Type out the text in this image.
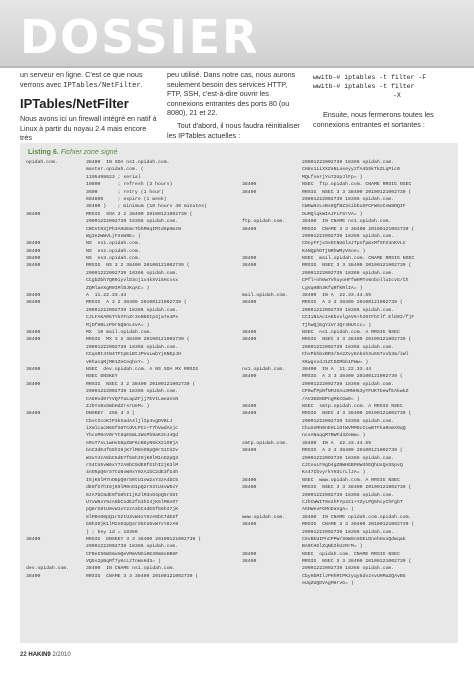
DOSSIER
un serveur en ligne. C'est ce que nous verrons avec IPTables/NetFilter.
IPTables/NetFilter
Nous avons ici un firewall intégré en natif à Linux à partir du noyau 2.4 mais encore très
peu utilisé. Dans notre cas, nous aurons seulement besoin des services HTTP, FTP, SSH, c'est-à-dire ouvrir les connexions entrantes des ports 80 (ou 8080), 21 et 22.
Tout d'abord, il nous faudra réinitialiser les IPTables actuelles :
wwitb-# iptables -t filter -F
wwitb-# iptables -t filter
-X
Ensuite, nous fermerons toutes les connexions entrantes et sortantes :
Listing 6. Fichier zone signé
opidah.com.	38400  IN SOA ns1.opidah.com.
master.opidah.com. (
1105498623 ; serial
10800      ; refresh (3 hours)
3600       ; retry (1 hour)
604800     ; expire (1 week)
38400 )    ; minimum (10 hours 40 minutes)
38400	RRSIG  SOA 3 2 38400 20100121002739 (
20091222002739 18366 opidah.com.
CBCVtR3jPhIAHUEmcTbhMHqIMtd6pHmzN
Wg3e2WWVLjFXsW9E= )
38400	NS  ns1.opidah.com.
38400	NS  ns2.opidah.com.
38400	NS  ns3.opidah.com.
38400	RRSIG  NS 3 2 38400 20100121002739 (
20091222002739 18366 opidah.com.
CCgbZbh7QR0iyvlD3oj1x4kXVi5Hcxsx
ZQMlaeXgR0IMlDJKqAC= )
38400	A  11.22.33.44
38400	RRSIG  A 3 2 38400 20100121002739 (
20091222002739 18366 opidah.com.
CJLFAKARGTYkYFnZr3eN0Stp4ja7e4Ps
MjDfHBLxP9r5Q8nL4vA= )
38400	MX  10 mail.opidah.com.
38400	RRSIG  MX 3 2 38400 20100121002739 (
20091222002739 18366 opidah.com.
CCqsBt4tN4TFtpEiBtJPVuLwbYjKNEpJH
vKhacqNjMK1ZeCeqhxY= )
38400	NSEC  dev.opidah.com. A NS SOA MX RRSIG
NSEC DNSKEY
38400	RRSIG  NSEC 3 2 38400 20100121002739 (
20091222002739 18366 opidah.com.
CA6Hvd07YVQ7TaLapZFjj7EVtLmeaVxN
ZJbYsBxSmbHdZrsrUeM= )
38400	DNSKEY  256 3 3 (
CbvcIcoKtP3kXadA4ljlIp4vgDVBLJ
iXmlcacN65fS6TCdVLPCc+T7hVwdAnjc
YhcoM6oV0rYt8qE5mL2WxPb9aK3nJ4Qd
eRuT7sL1wHvG0pZmF6cB8yN5kX2iO9jA
bnC3dE4fG5hI6jK7lM8nO9pQ0rS1tU2v
W3xY4zA5bC6dE7fG8hI9jK0lM1nO2pQ3
rS4tU5vW6xY7zA8bC9dE0fG1hI2jK3lM
4nO5pQ6rS7tU8vW9xY0zA1bC2dE3fG4h
I5jK6lM7nO8pQ9rS0tU1vW2xY3zA4bC5
dE6fG7hI8jK9lM0nO1pQ2rS3tU4vW5xY
6zA7bC8dE9fG0hI1jK2lM3nO4pQ5rS6t
U7vW8xY9zA0bC1dE2fG3hI4jK5lM6nO7
pQ8rS9tU0vW1xY2zA3bC4dE5fG6hI7jK
8lM9nO0pQ1rS2tU3vW4xY5zA6bC7dE8f
G9hI0jK1lM2nO3pQ4rS5tU6vW7xY8zA9
) ; key id = 18366
38400	RRSIG  DNSKEY 3 3 38400 20100121002739 (
20091222002739 18366 opidah.com.
CFBeIS6WSmvmQeVMmVNGi0E30m8oHB8F
VQ5s2pBqRf7yKcLzTnWxHd3= )
dev.opidah.com.	38400  IN CNAME ns1.opidah.com.
38400	RRSIG  CNAME 3 3 38400 20100121002739 (
20091222002739 18366 opidah.com.
CH8o1iiXXZaNLaseyyzfA4b5kTkZLqPic0
MQLfoerjYu72UpJlFp= )
38400	NSEC  ftp.opidah.com. CNAME RRSIG NSEC
38400	RRSIG  NSEC 3 3 38400 20100121002739 (
20091222002739 18366 opidah.com.
CWHwHzLsBs6QfBZ3sibbuSFCFWSoCsW8RQIF
OuMQlqkWIAJFLFSrVA= )
ftp.opidah.com.	38400  IN CNAME ns1.opidah.com.
38400	RRSIG  CNAME 3 3 38400 20100121002739 (
20091222002739 18366 opidah.com.
COoyFFjxSsDtNUGl3JTpnfpmxMfSFZ4nKVLC
K4NQphDTjNRhWMyVSoe= )
38400	NSEC  mail.opidah.com. CNAME RRSIG NSEC
38400	RRSIG  NSEC 3 3 38400 20100121002739 (
20091222002739 18366 opidah.com.
CPfl+nh0w7VhuyoHFfWHMTo6nbolluIcvG/Ch
LgVqHBh3KfqRfKRlIA= )
mail.opidah.com.	38400  IN A  22.33.44.55
38400	RRSIG  A 3 3 38400 20100121002739 (
20091222002739 18366 opidah.com.
CCIiN1Ac1AKbxvlgAV6+h20tFbtlf.ElD02/fjF
TjhwQjEgYiVrJQr4NUtcc= )
38400	NSEC  ns1.opidah.com. A RRSIG NSEC
38400	RRSIG  NSEC 3 3 38400 20100121002739 (
20091222002739 18366 opidah.com.
ChsPbhbxBR3/5e2ZvyKnbnh3u557xvb3m/iWl
XKwgsxdJ1ZtDZMbb1PWw= )
ns1.opidah.com.	38400  IN A  11.22.33.44
38400	RRSIG  A 3 3 38400 20100121002739 (
20091222002739 18366 opidah.com.
CP9wfPpNfNMJGnu3MNH53yYFUKTbewfEAkwkZ
/AV3EEKBPngMkCGw0= )
38400	NSEC  smtp.opidah.com. A RRSIG NSEC
38400	RRSIG  NSEC 3 3 38400 20100121002739 (
20091222002739 18366 opidah.com.
ChuXeMH9nEHLiOtWVMM9cCcwBTFkaRemX9qQ
ncsANaqqM7BWFd3ZeWw= )
smtp.opidah.com.	38400  IN A  22.33.44.55
38400	RRSIG  A 3 3 38400 20100121002739 (
20091222002739 18366 opidah.com.
CJCouLF9gD4gZBWHGBRHW4hEQhUsQxS5pvQ
Ks47IbvyrkYH3crLlJA= )
38400	NSEC  www.opidah.com. A RRSIG NSEC
38400	RRSIG  NSEC 3 3 38400 20100121002739 (
20091222002739 18366 opidah.com.
CJhCWWIT9e2hFYp3z1+YZyLPQ5hcyChFgbT
AGHWevFGMnDaVgA= )
www.opidah.com.	38400  IN CNAME opidah.com.opidah.com.
38400	RRSIG  CNAME 3 3 38400 20100121002739 (
20091222002739 18366 opidah.com.
CSvBEUIPnCPPW/S9W9nSGELDnehHxxQdmqak
BA0tH5lZqNbIkUzRrM= )
38400	NSEC  opidah.com. CNAME RRSIG NSEC
38400	RRSIG  NSEC 3 3 38400 20100121002739 (
20091222002739 18366 opidah.com.
CbyHbMIlJPHhMtPKzyqy6dvzsvUHMaZQAvBG
eUqZUQDVAgM6rvG= )
22 HAKIN9 2/2010
